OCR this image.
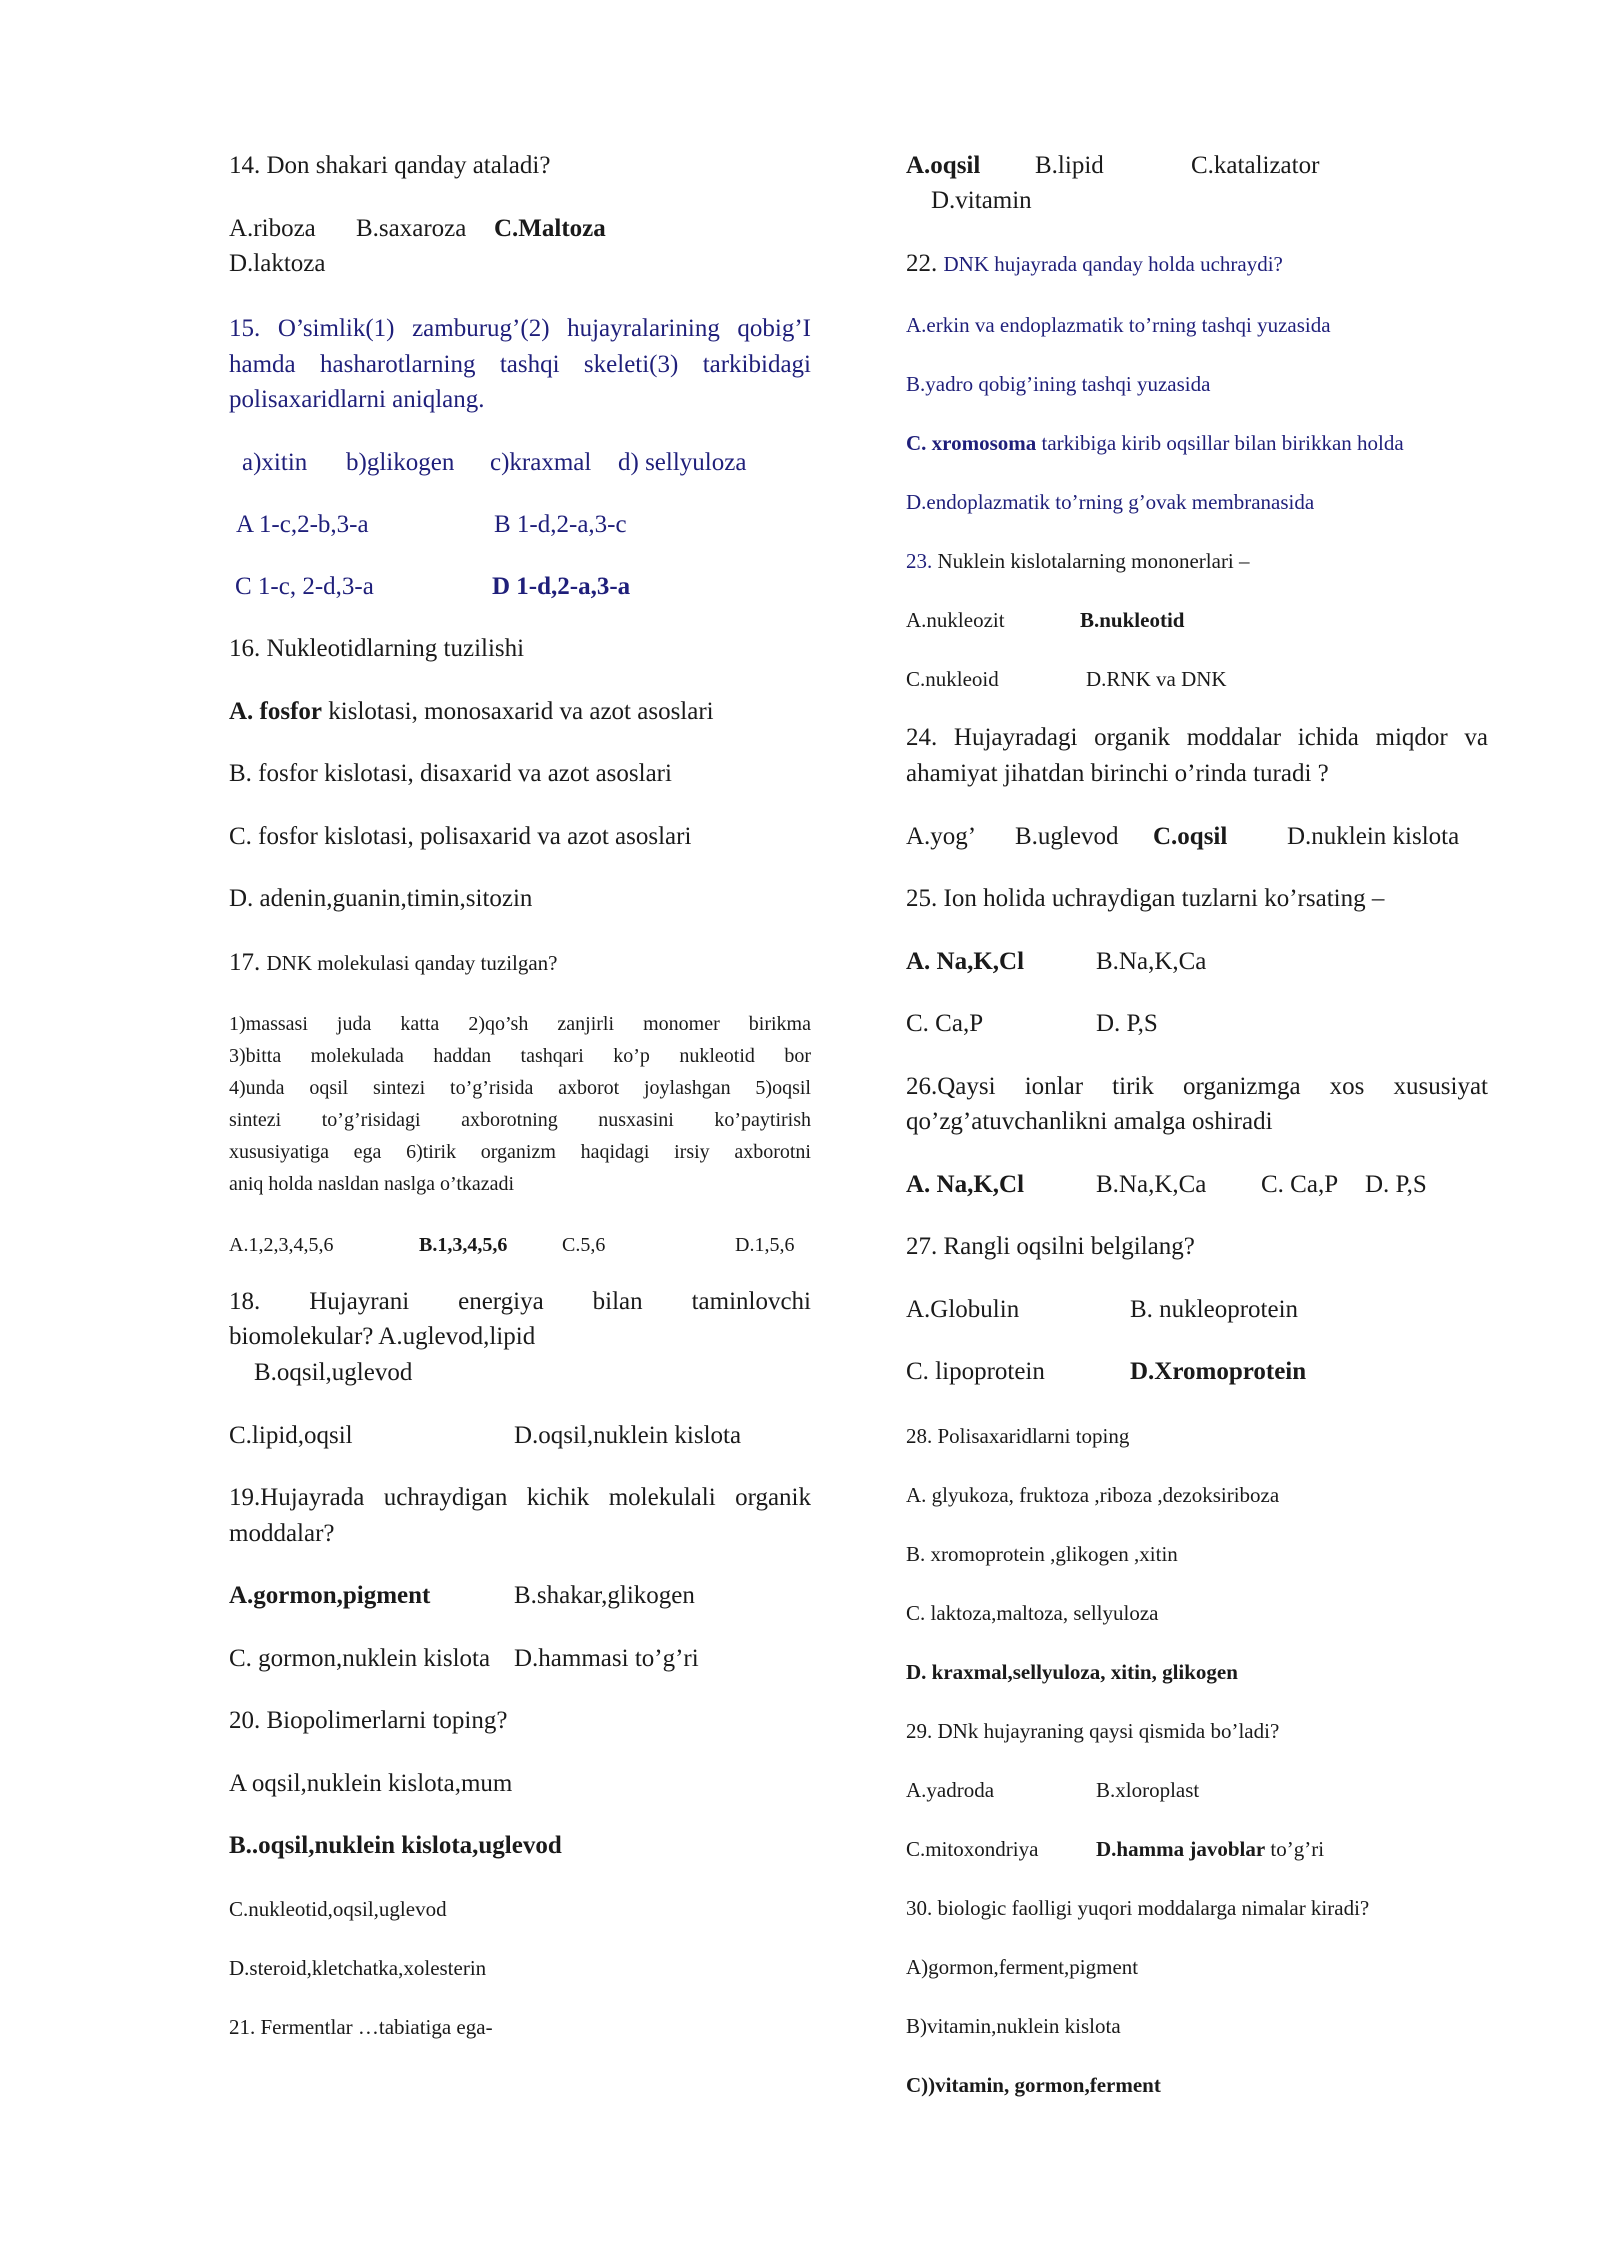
14. Don shakari qanday ataladi?
A.riboza B.saxaroza C.Maltoza
D.laktoza
15. O’simlik(1) zamburug’(2) hujayralarining qobig’I
hamda hasharotlarning tashqi skeleti(3) tarkibidagi
polisaxaridlarni aniqlang.
a)xitin b)glikogen c)kraxmal d) sellyuloza
A 1-c,2-b,3-a	B 1-d,2-a,3-c
C 1-c, 2-d,3-a	D 1-d,2-a,3-a
16. Nukleotidlarning tuzilishi
A. fosfor kislotasi, monosaxarid va azot asoslari
B. fosfor kislotasi, disaxarid va azot asoslari
C. fosfor kislotasi, polisaxarid va azot asoslari
D. adenin,guanin,timin,sitozin
17. DNK molekulasi qanday tuzilgan?
1)massasi juda katta 2)qo’sh zanjirli monomer birikma
3)bitta molekulada haddan tashqari ko’p nukleotid bor
4)unda oqsil sintezi to’g’risida axborot joylashgan 5)oqsil
sintezi to’g’risidagi axborotning nusxasini ko’paytirish
xususiyatiga ega 6)tirik organizm haqidagi irsiy axborotni
aniq holda nasldan naslga o’tkazadi
A.1,2,3,4,5,6	B.1,3,4,5,6	C.5,6	D.1,5,6
18. Hujayrani energiya bilan taminlovchi
biomolekular? A.uglevod,lipid
B.oqsil,uglevod
C.lipid,oqsil	D.oqsil,nuklein kislota
19.Hujayrada uchraydigan kichik molekulali organik
moddalar?
A.gormon,pigment	B.shakar,glikogen
C. gormon,nuklein kislota D.hammasi to’g’ri
20. Biopolimerlarni toping?
A oqsil,nuklein kislota,mum
B..oqsil,nuklein kislota,uglevod
C.nukleotid,oqsil,uglevod
D.steroid,kletchatka,xolesterin
21. Fermentlar …tabiatiga ega-
A.oqsil B.lipid	C.katalizator
D.vitamin
22. DNK hujayrada qanday holda uchraydi?
A.erkin va endoplazmatik to’rning tashqi yuzasida
B.yadro qobig’ining tashqi yuzasida
C. xromosoma tarkibiga kirib oqsillar bilan birikkan holda
D.endoplazmatik to’rning g’ovak membranasida
23. Nuklein kislotalarning mononerlari –
A.nukleozit	B.nukleotid
C.nukleoid	D.RNK va DNK
24. Hujayradagi organik moddalar ichida miqdor va
ahamiyat jihatdan birinchi o’rinda turadi ?
A.yog’ B.uglevod C.oqsil D.nuklein kislota
25. Ion holida uchraydigan tuzlarni ko’rsating –
A. Na,K,Cl	B.Na,K,Ca
C. Ca,P	D. P,S
26.Qaysi ionlar tirik organizmga xos xususiyat
qo’zg’atuvchanlikni amalga oshiradi
A. Na,K,Cl	B.Na,K,Ca C. Ca,P D. P,S
27. Rangli oqsilni belgilang?
A.Globulin	B. nukleoprotein
C. lipoprotein	D.Xromoprotein
28. Polisaxaridlarni toping
A. glyukoza, fruktoza ,riboza ,dezoksiriboza
B. xromoprotein ,glikogen ,xitin
C. laktoza,maltoza, sellyuloza
D. kraxmal,sellyuloza, xitin, glikogen
29. DNk hujayraning qaysi qismida bo’ladi?
A.yadroda	B.xloroplast
C.mitoxondriya	D.hamma javoblar to’g’ri
30. biologic faolligi yuqori moddalarga nimalar kiradi?
A)gormon,ferment,pigment
B)vitamin,nuklein kislota
C))vitamin, gormon,ferment
